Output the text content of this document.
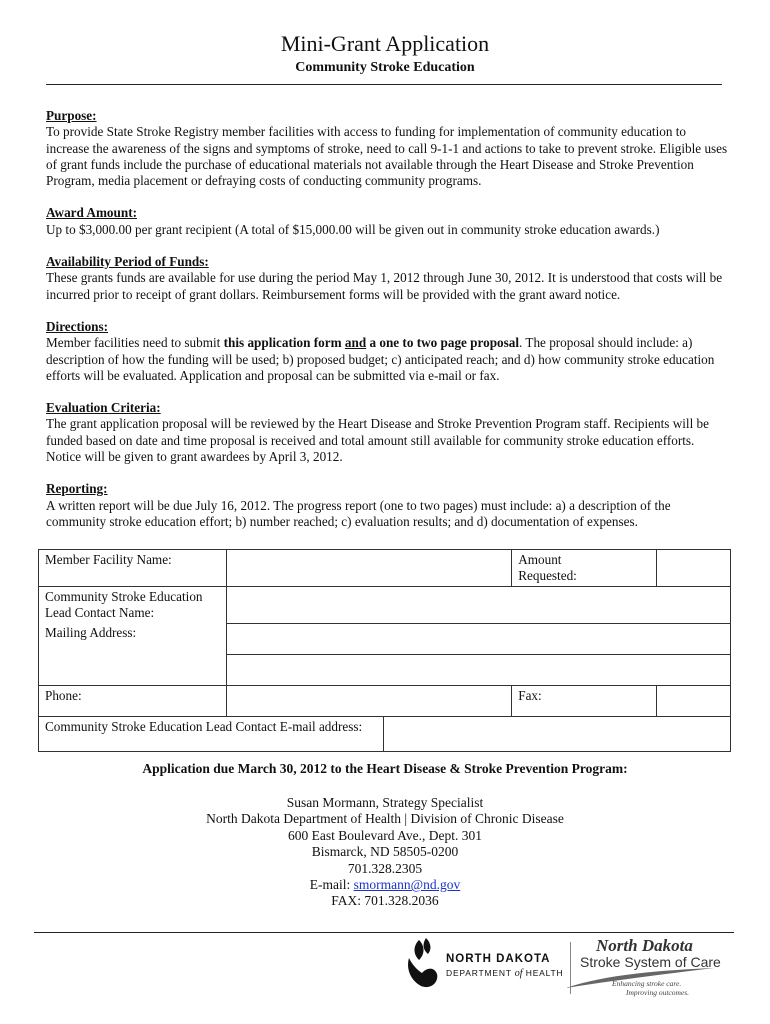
Mini-Grant Application
Community Stroke Education
Purpose:
To provide State Stroke Registry member facilities with access to funding for implementation of community education to increase the awareness of the signs and symptoms of stroke, need to call 9-1-1 and actions to take to prevent stroke. Eligible uses of grant funds include the purchase of educational materials not available through the Heart Disease and Stroke Prevention Program, media placement or defraying costs of conducting community programs.
Award Amount:
Up to $3,000.00 per grant recipient (A total of $15,000.00 will be given out in community stroke education awards.)
Availability Period of Funds:
These grants funds are available for use during the period May 1, 2012 through June 30, 2012. It is understood that costs will be incurred prior to receipt of grant dollars. Reimbursement forms will be provided with the grant award notice.
Directions:
Member facilities need to submit this application form and a one to two page proposal. The proposal should include: a) description of how the funding will be used; b) proposed budget; c) anticipated reach; and d) how community stroke education efforts will be evaluated. Application and proposal can be submitted via e-mail or fax.
Evaluation Criteria:
The grant application proposal will be reviewed by the Heart Disease and Stroke Prevention Program staff. Recipients will be funded based on date and time proposal is received and total amount still available for community stroke education efforts. Notice will be given to grant awardees by April 3, 2012.
Reporting:
A written report will be due July 16, 2012. The progress report (one to two pages) must include: a) a description of the community stroke education effort; b) number reached; c) evaluation results; and d) documentation of expenses.
Member Facility Name:			Amount
Requested:	
Community Stroke Education
Lead Contact Name:				
Mailing Address:				

Phone:			Fax:	
Community Stroke Education Lead Contact E-mail address:				
Application due March 30, 2012 to the Heart Disease & Stroke Prevention Program:
Susan Mormann, Strategy Specialist
North Dakota Department of Health | Division of Chronic Disease
600 East Boulevard Ave., Dept. 301
Bismarck, ND 58505-0200
701.328.2305
E-mail: smormann@nd.gov
FAX: 701.328.2036
NORTH DAKOTA
DEPARTMENT of HEALTH
North Dakota
Stroke System of Care
Enhancing stroke care.
Improving outcomes.
